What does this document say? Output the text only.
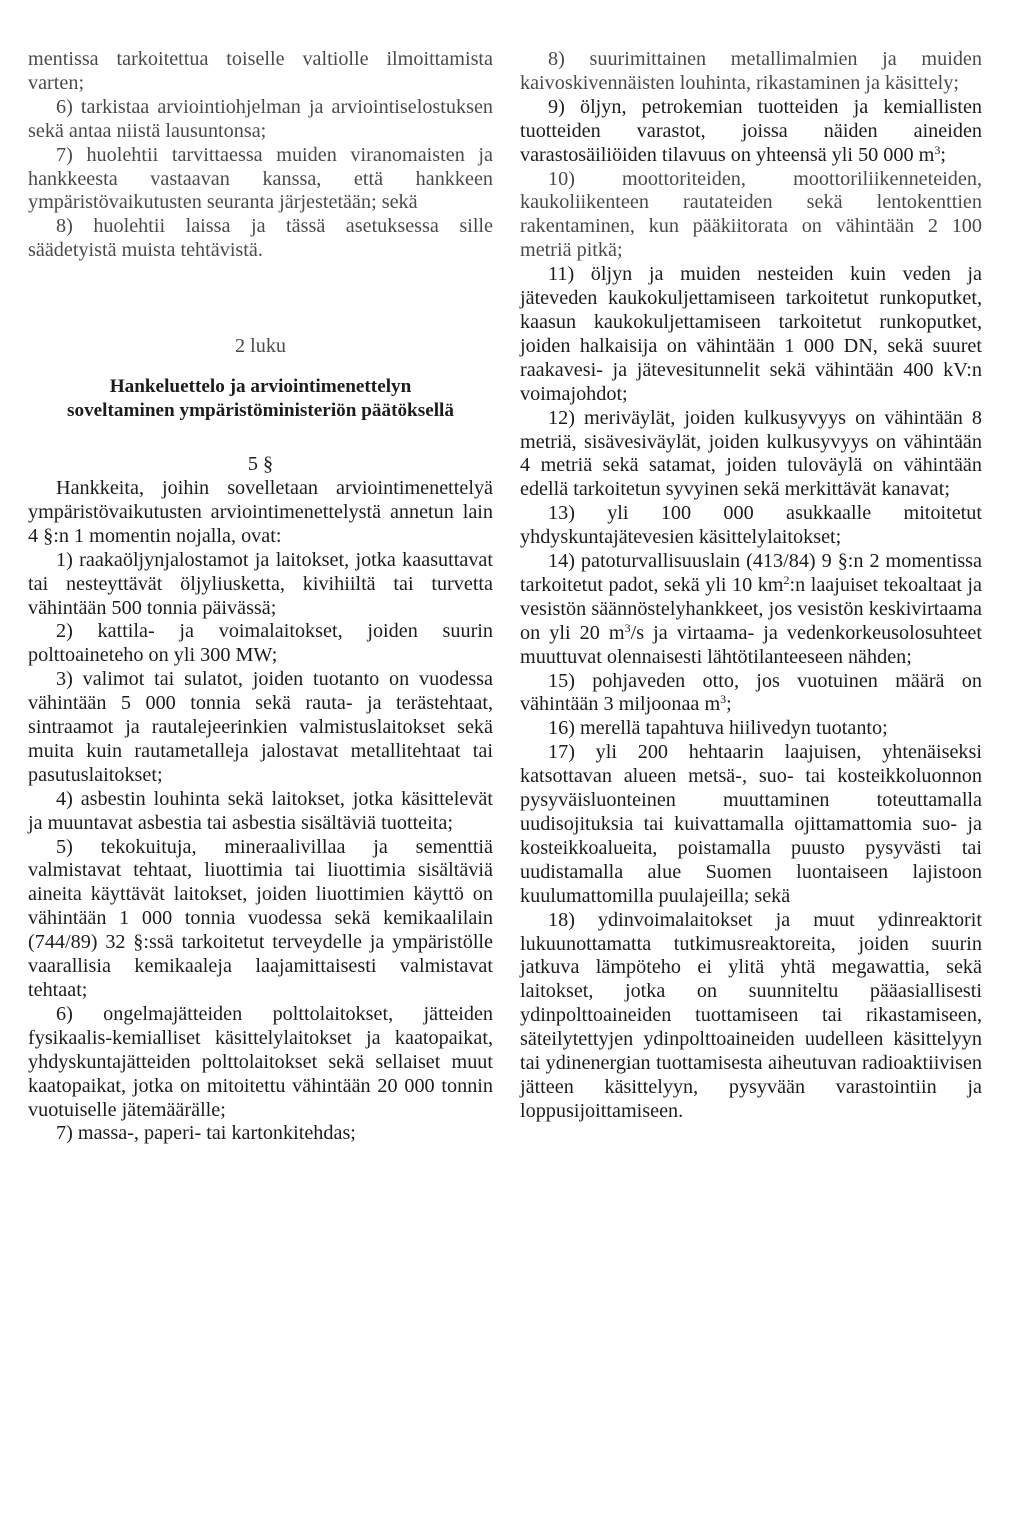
mentissa tarkoitettua toiselle valtiolle ilmoittamista varten;

6) tarkistaa arviointiohjelman ja arviointiselostuksen sekä antaa niistä lausuntonsa;

7) huolehtii tarvittaessa muiden viranomaisten ja hankkeesta vastaavan kanssa, että hankkeen ympäristövaikutusten seuranta järjestetään; sekä

8) huolehtii laissa ja tässä asetuksessa sille säädetyistä muista tehtävistä.

2 luku

Hankeluettelo ja arviointimenettelyn

soveltaminen ympäristöministeriön päätöksellä

5 §

Hankkeita, joihin sovelletaan arviointimenettelyä ympäristövaikutusten arviointimenettelystä annetun lain 4 §:n 1 momentin nojalla, ovat:

1) raakaöljynjalostamot ja laitokset, jotka kaasuttavat tai nesteyttävät öljyliusketta, kivihiiltä tai turvetta vähintään 500 tonnia päivässä;

2) kattila- ja voimalaitokset, joiden suurin polttoaineteho on yli 300 MW;

3) valimot tai sulatot, joiden tuotanto on vuodessa vähintään 5 000 tonnia sekä rauta- ja terästehtaat, sintraamot ja rautalejeerinkien valmistuslaitokset sekä muita kuin rautametalleja jalostavat metallitehtaat tai pasutuslaitokset;

4) asbestin louhinta sekä laitokset, jotka käsittelevät ja muuntavat asbestia tai asbestia sisältäviä tuotteita;

5) tekokuituja, mineraalivillaa ja sementtiä valmistavat tehtaat, liuottimia tai liuottimia sisältäviä aineita käyttävät laitokset, joiden liuottimien käyttö on vähintään 1 000 tonnia vuodessa sekä kemikaalilain (744/89) 32 §:ssä tarkoitetut terveydelle ja ympäristölle vaarallisia kemikaaleja laajamittaisesti valmistavat tehtaat;

6) ongelmajätteiden polttolaitokset, jätteiden fysikaalis-kemialliset käsittelylaitokset ja kaatopaikat, yhdyskuntajätteiden polttolaitokset sekä sellaiset muut kaatopaikat, jotka on mitoitettu vähintään 20 000 tonnin vuotuiselle jätemäärälle;

7) massa-, paperi- tai kartonkitehdas;

8) suurimittainen metallimalmien ja muiden kaivoskivennäisten louhinta, rikastaminen ja käsittely;

9) öljyn, petrokemian tuotteiden ja kemiallisten tuotteiden varastot, joissa näiden aineiden varastosäiliöiden tilavuus on yhteensä yli 50 000 $m^3$;

10) moottoriteiden, moottoriliikenneteiden, kaukoliikenteen rautateiden sekä lentokenttien rakentaminen, kun pääkiitorata on vähintään 2 100 metriä pitkä;

11) öljyn ja muiden nesteiden kuin veden ja jäteveden kaukokuljettamiseen tarkoitetut runkoputket, kaasun kaukokuljettamiseen tarkoitetut runkoputket, joiden halkaisija on vähintään 1 000 DN, sekä suuret raakavesi- ja jätevesitunnelit sekä vähintään 400 kV:n voimajohdot;

12) meriväylät, joiden kulkusyvyys on vähintään 8 metriä, sisävesiväylät, joiden kulkusyvyys on vähintään 4 metriä sekä satamat, joiden tuloväylä on vähintään edellä tarkoitetun syvyinen sekä merkittävät kanavat;

13) yli 100 000 asukkaalle mitoitetut yhdyskuntajätevesien käsittelylaitokset;

14) patoturvallisuuslain (413/84) 9 §:n 2 momentissa tarkoitetut padot, sekä yli 10 $km^2:n$ laajuiset tekoaltaat ja vesistön säännöstelyhankkeet, jos vesistön keskivirtaama on yli 20 $m^3/s$ ja virtaama- ja vedenkorkeusolosuhteet muuttuvat olennaisesti lähtötilanteeseen nähden;

15) pohjaveden otto, jos vuotuinen määrä on vähintään 3 miljoonaa $m^3$;

16) merellä tapahtuva hiilivedyn tuotanto;

17) yli 200 hehtaarin laajuisen, yhtenäiseksi katsottavan alueen metsä-, suo- tai kosteikkoluonnon pysyväisluonteinen muuttaminen toteuttamalla uudisojituksia tai kuivattamalla ojittamattomia suo- ja kosteikkoalueita, poistamalla puusto pysyvästi tai uudistamalla alue Suomen luontaiseen lajistoon kuulumattomilla puulajeilla; sekä

18) ydinvoimalaitokset ja muut ydinreaktorit lukuunottamatta tutkimusreaktoreita, joiden suurin jatkuva lämpöteho ei ylitä yhtä megawattia, sekä laitokset, jotka on suunniteltu pääasiallisesti ydinpolttoaineiden tuottamiseen tai rikastamiseen, säteilytettyjen ydinpolttoaineiden uudelleen käsittelyyn tai ydinenergian tuottamisesta aiheutuvan radioaktiivisen jätteen käsittelyyn, pysyvään varastointiin ja loppusijoittamiseen.
